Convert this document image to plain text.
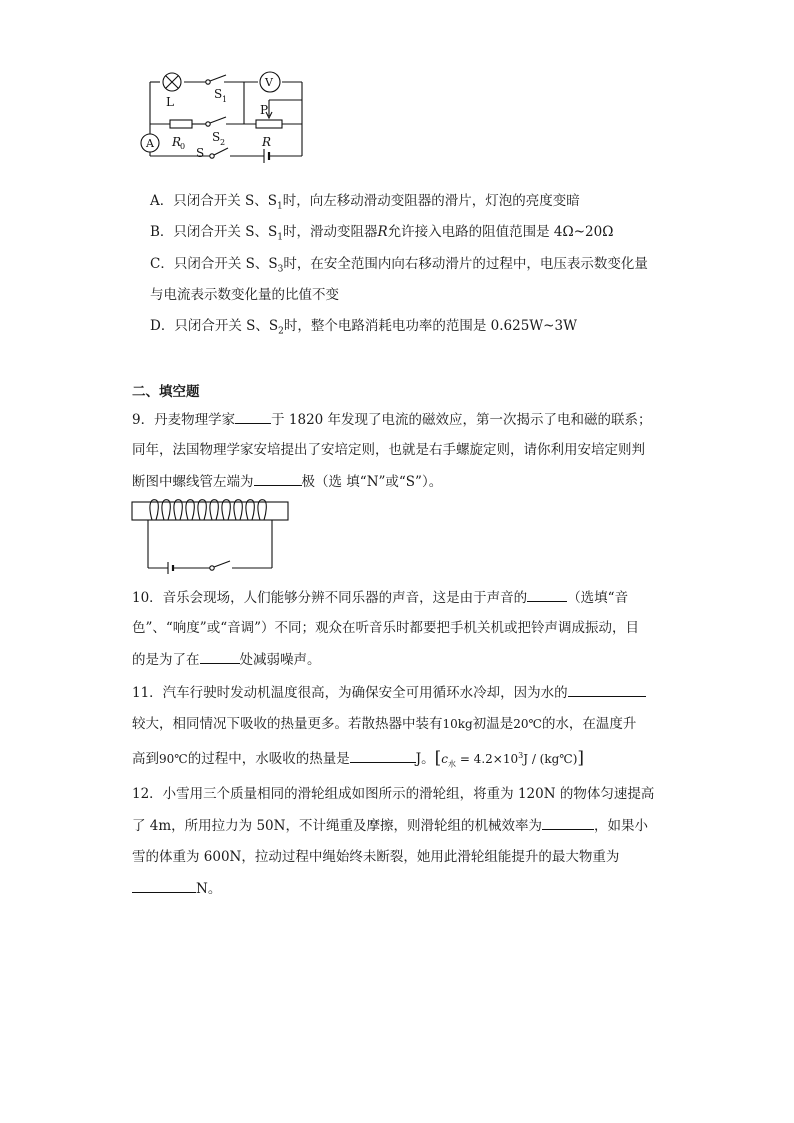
L
S 1
V
P
R
0
S 2	R
A
S
A．只闭合开关 S、$S_1$时，向左移动滑动变阻器的滑片，灯泡的亮度变暗
B．只闭合开关 S、$S_1$时，滑动变阻器R允许接入电路的阻值范围是 4Ω~20Ω
C．只闭合开关 S、$S_3$时，在安全范围内向右移动滑片的过程中，电压表示数变化量
与电流表示数变化量的比值不变
D．只闭合开关 S、$S_2$时，整个电路消耗电功率的范围是 0.625W~3W
二、填空题
9．丹麦物理学家	于 1820 年发现了电流的磁效应，第一次揭示了电和磁的联系；
同年，法国物理学家安培提出了安培定则，也就是右手螺旋定则，请你利用安培定则判
断图中螺线管左端为	极（选 填“N”或“S”）。
10．音乐会现场，人们能够分辨不同乐器的声音，这是由于声音的	（选填“音
色”、“响度”或“音调”）不同；观众在听音乐时都要把手机关机或把铃声调成振动，目
的是为了在	处减弱噪声。
11．汽车行驶时发动机温度很高，为确保安全可用循环水冷却，因为水的
较大，相同情况下吸收的热量更多。若散热器中装有10kg初温是20℃的水，在温度升
高到90℃的过程中，水吸收的热量是	J。[$c_水 = 4.2\times 10^3J$ / (kg℃)]
12．小雪用三个质量相同的滑轮组成如图所示的滑轮组，将重为 120N 的物体匀速提高
了 4m，所用拉力为 50N，不计绳重及摩擦，则滑轮组的机械效率为	，如果小
雪的体重为 600N，拉动过程中绳始终未断裂，她用此滑轮组能提升的最大物重为
N。
